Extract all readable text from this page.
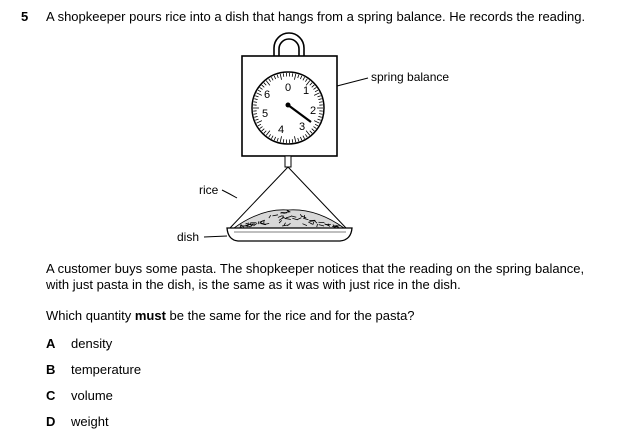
5 A shopkeeper pours rice into a dish that hangs from a spring balance. He records the reading.
0 1
2
3
4
5
6
spring balance
rice
dish
A customer buys some pasta. The shopkeeper notices that the reading on the spring balance,
with just pasta in the dish, is the same as it was with just rice in the dish.
Which quantity must be the same for the rice and for the pasta?
A density
B temperature
C volume
D weight
